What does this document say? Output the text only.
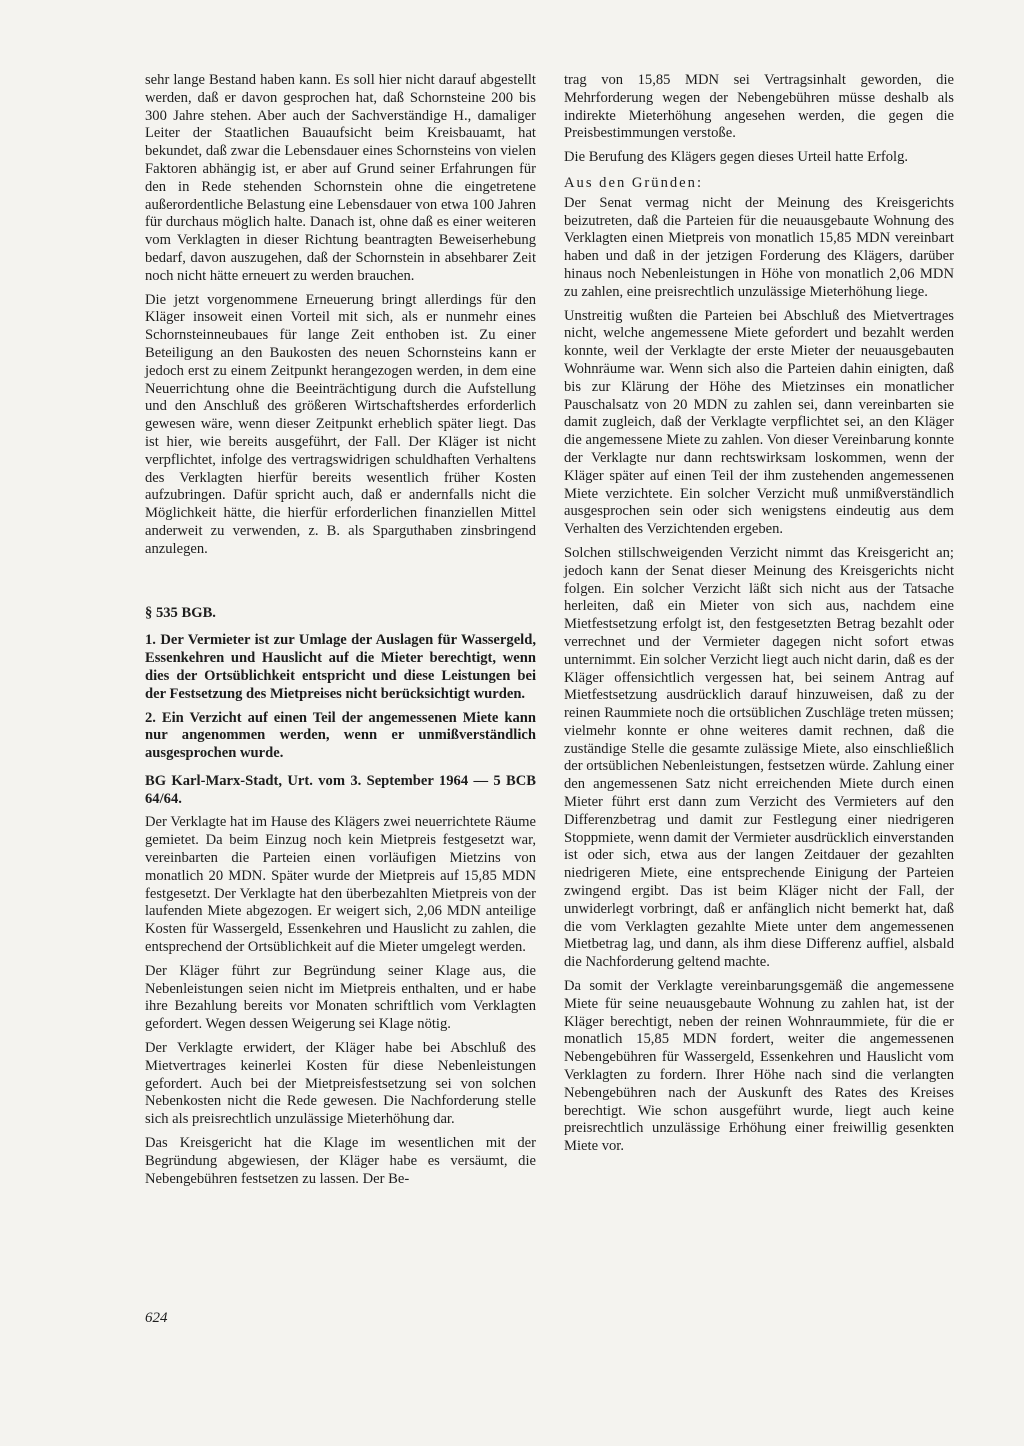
sehr lange Bestand haben kann. Es soll hier nicht darauf abgestellt werden, daß er davon gesprochen hat, daß Schornsteine 200 bis 300 Jahre stehen. Aber auch der Sachverständige H., damaliger Leiter der Staatlichen Bauaufsicht beim Kreisbauamt, hat bekundet, daß zwar die Lebensdauer eines Schornsteins von vielen Faktoren abhängig ist, er aber auf Grund seiner Erfahrungen für den in Rede stehenden Schornstein ohne die eingetretene außerordentliche Belastung eine Lebensdauer von etwa 100 Jahren für durchaus möglich halte. Danach ist, ohne daß es einer weiteren vom Verklagten in dieser Richtung beantragten Beweiserhebung bedarf, davon auszugehen, daß der Schornstein in absehbarer Zeit noch nicht hätte erneuert zu werden brauchen.

Die jetzt vorgenommene Erneuerung bringt allerdings für den Kläger insoweit einen Vorteil mit sich, als er nunmehr eines Schornsteinneubaues für lange Zeit enthoben ist. Zu einer Beteiligung an den Baukosten des neuen Schornsteins kann er jedoch erst zu einem Zeitpunkt herangezogen werden, in dem eine Neuerrichtung ohne die Beeinträchtigung durch die Aufstellung und den Anschluß des größeren Wirtschaftsherdes erforderlich gewesen wäre, wenn dieser Zeitpunkt erheblich später liegt. Das ist hier, wie bereits ausgeführt, der Fall. Der Kläger ist nicht verpflichtet, infolge des vertragswidrigen schuldhaften Verhaltens des Verklagten hierfür bereits wesentlich früher Kosten aufzubringen. Dafür spricht auch, daß er andernfalls nicht die Möglichkeit hätte, die hierfür erforderlichen finanziellen Mittel anderweit zu verwenden, z. B. als Sparguthaben zinsbringend anzulegen.

§ 535 BGB.

1. Der Vermieter ist zur Umlage der Auslagen für Wassergeld, Essenkehren und Hauslicht auf die Mieter berechtigt, wenn dies der Ortsüblichkeit entspricht und diese Leistungen bei der Festsetzung des Mietpreises nicht berücksichtigt wurden.

2. Ein Verzicht auf einen Teil der angemessenen Miete kann nur angenommen werden, wenn er unmißverständlich ausgesprochen wurde.

BG Karl-Marx-Stadt, Urt. vom 3. September 1964 — 5 BCB 64/64.

Der Verklagte hat im Hause des Klägers zwei neuerrichtete Räume gemietet. Da beim Einzug noch kein Mietpreis festgesetzt war, vereinbarten die Parteien einen vorläufigen Mietzins von monatlich 20 MDN. Später wurde der Mietpreis auf 15,85 MDN festgesetzt. Der Verklagte hat den überbezahlten Mietpreis von der laufenden Miete abgezogen. Er weigert sich, 2,06 MDN anteilige Kosten für Wassergeld, Essenkehren und Hauslicht zu zahlen, die entsprechend der Ortsüblichkeit auf die Mieter umgelegt werden.

Der Kläger führt zur Begründung seiner Klage aus, die Nebenleistungen seien nicht im Mietpreis enthalten, und er habe ihre Bezahlung bereits vor Monaten schriftlich vom Verklagten gefordert. Wegen dessen Weigerung sei Klage nötig.

Der Verklagte erwidert, der Kläger habe bei Abschluß des Mietvertrages keinerlei Kosten für diese Nebenleistungen gefordert. Auch bei der Mietpreisfestsetzung sei von solchen Nebenkosten nicht die Rede gewesen. Die Nachforderung stelle sich als preisrechtlich unzulässige Mieterhöhung dar.

Das Kreisgericht hat die Klage im wesentlichen mit der Begründung abgewiesen, der Kläger habe es versäumt, die Nebengebühren festsetzen zu lassen. Der Be-

trag von 15,85 MDN sei Vertragsinhalt geworden, die Mehrforderung wegen der Nebengebühren müsse deshalb als indirekte Mieterhöhung angesehen werden, die gegen die Preisbestimmungen verstoße.

Die Berufung des Klägers gegen dieses Urteil hatte Erfolg.

Aus den Gründen:

Der Senat vermag nicht der Meinung des Kreisgerichts beizutreten, daß die Parteien für die neuausgebaute Wohnung des Verklagten einen Mietpreis von monatlich 15,85 MDN vereinbart haben und daß in der jetzigen Forderung des Klägers, darüber hinaus noch Nebenleistungen in Höhe von monatlich 2,06 MDN zu zahlen, eine preisrechtlich unzulässige Mieterhöhung liege.

Unstreitig wußten die Parteien bei Abschluß des Mietvertrages nicht, welche angemessene Miete gefordert und bezahlt werden konnte, weil der Verklagte der erste Mieter der neuausgebauten Wohnräume war. Wenn sich also die Parteien dahin einigten, daß bis zur Klärung der Höhe des Mietzinses ein monatlicher Pauschalsatz von 20 MDN zu zahlen sei, dann vereinbarten sie damit zugleich, daß der Verklagte verpflichtet sei, an den Kläger die angemessene Miete zu zahlen. Von dieser Vereinbarung konnte der Verklagte nur dann rechtswirksam loskommen, wenn der Kläger später auf einen Teil der ihm zustehenden angemessenen Miete verzichtete. Ein solcher Verzicht muß unmißverständlich ausgesprochen sein oder sich wenigstens eindeutig aus dem Verhalten des Verzichtenden ergeben.

Solchen stillschweigenden Verzicht nimmt das Kreisgericht an; jedoch kann der Senat dieser Meinung des Kreisgerichts nicht folgen. Ein solcher Verzicht läßt sich nicht aus der Tatsache herleiten, daß ein Mieter von sich aus, nachdem eine Mietfestsetzung erfolgt ist, den festgesetzten Betrag bezahlt oder verrechnet und der Vermieter dagegen nicht sofort etwas unternimmt. Ein solcher Verzicht liegt auch nicht darin, daß es der Kläger offensichtlich vergessen hat, bei seinem Antrag auf Mietfestsetzung ausdrücklich darauf hinzuweisen, daß zu der reinen Raummiete noch die ortsüblichen Zuschläge treten müssen; vielmehr konnte er ohne weiteres damit rechnen, daß die zuständige Stelle die gesamte zulässige Miete, also einschließlich der ortsüblichen Nebenleistungen, festsetzen würde. Zahlung einer den angemessenen Satz nicht erreichenden Miete durch einen Mieter führt erst dann zum Verzicht des Vermieters auf den Differenzbetrag und damit zur Festlegung einer niedrigeren Stoppmiete, wenn damit der Vermieter ausdrücklich einverstanden ist oder sich, etwa aus der langen Zeitdauer der gezahlten niedrigeren Miete, eine entsprechende Einigung der Parteien zwingend ergibt. Das ist beim Kläger nicht der Fall, der unwiderlegt vorbringt, daß er anfänglich nicht bemerkt hat, daß die vom Verklagten gezahlte Miete unter dem angemessenen Mietbetrag lag, und dann, als ihm diese Differenz auffiel, alsbald die Nachforderung geltend machte.

Da somit der Verklagte vereinbarungsgemäß die angemessene Miete für seine neuausgebaute Wohnung zu zahlen hat, ist der Kläger berechtigt, neben der reinen Wohnraummiete, für die er monatlich 15,85 MDN fordert, weiter die angemessenen Nebengebühren für Wassergeld, Essenkehren und Hauslicht vom Verklagten zu fordern. Ihrer Höhe nach sind die verlangten Nebengebühren nach der Auskunft des Rates des Kreises berechtigt. Wie schon ausgeführt wurde, liegt auch keine preisrechtlich unzulässige Erhöhung einer freiwillig gesenkten Miete vor.

624
